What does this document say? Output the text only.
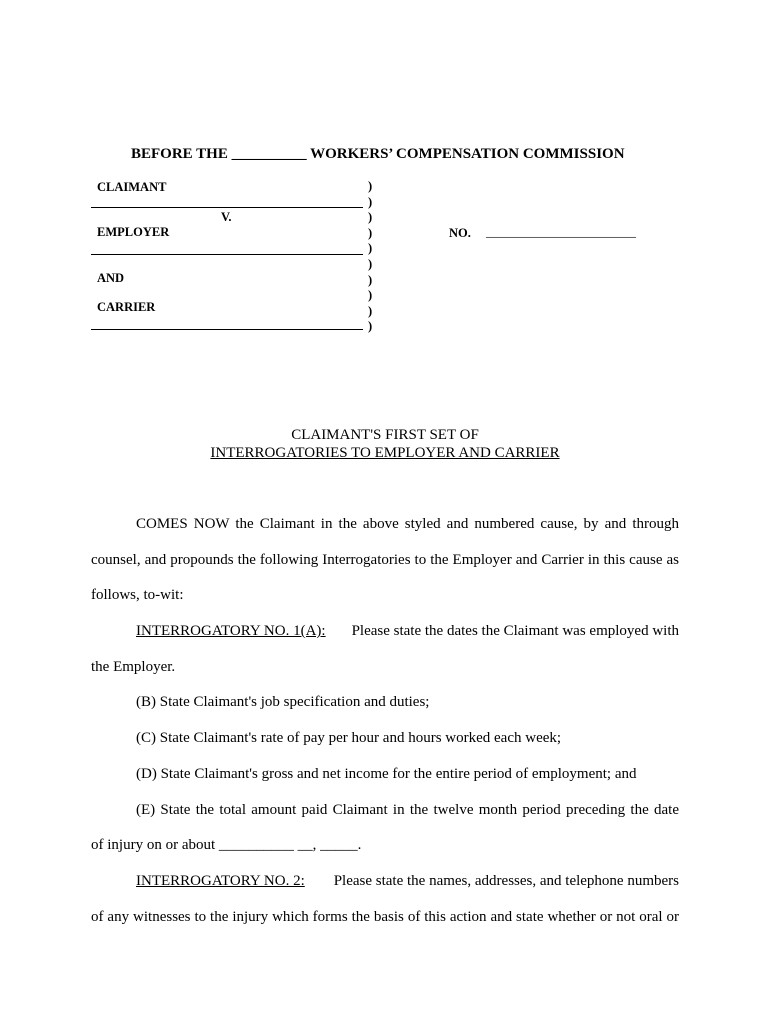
BEFORE THE __________ WORKERS’ COMPENSATION COMMISSION
CLAIMANT
V.
EMPLOYER
AND
CARRIER
)
)
)
)
)
)
)
)
)
)
NO. ________________________
CLAIMANT'S FIRST SET OF
INTERROGATORIES TO EMPLOYER AND CARRIER
COMES NOW the Claimant in the above styled and numbered cause, by and through
counsel, and propounds the following Interrogatories to the Employer and Carrier in this cause as
follows, to-wit:
INTERROGATORY NO. 1(A): Please state the dates the Claimant was employed with
the Employer.
(B) State Claimant's job specification and duties;
(C) State Claimant's rate of pay per hour and hours worked each week;
(D) State Claimant's gross and net income for the entire period of employment; and
(E) State the total amount paid Claimant in the twelve month period preceding the date
of injury on or about __________ __, _____.
INTERROGATORY NO. 2: Please state the names, addresses, and telephone numbers
of any witnesses to the injury which forms the basis of this action and state whether or not oral or
